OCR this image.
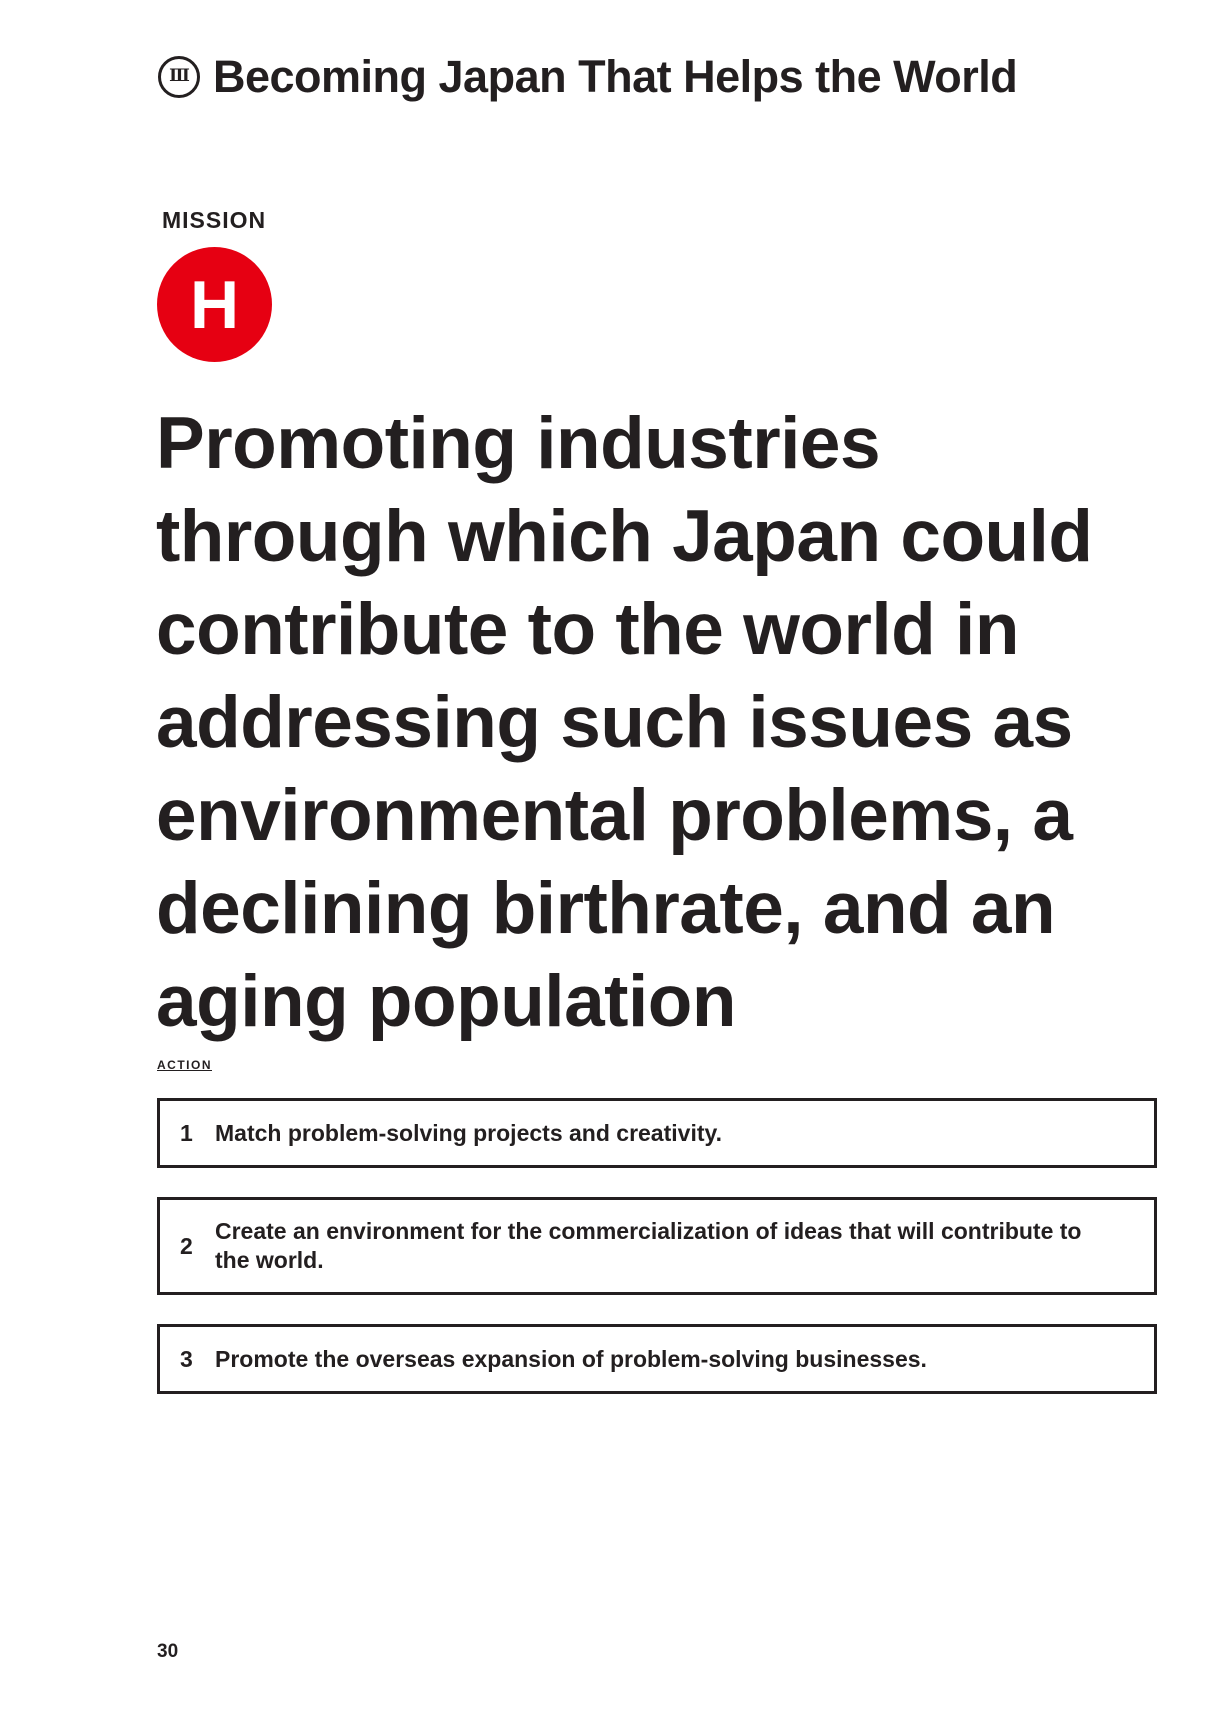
Ⅲ Becoming Japan That Helps the World
MISSION
H
Promoting industries through which Japan could contribute to the world in addressing such issues as environmental problems, a declining birthrate, and an aging population
ACTION
1 Match problem-solving projects and creativity.
2
Create an environment for the commercialization of ideas that will contribute to the world.
3 Promote the overseas expansion of problem-solving businesses.
30
